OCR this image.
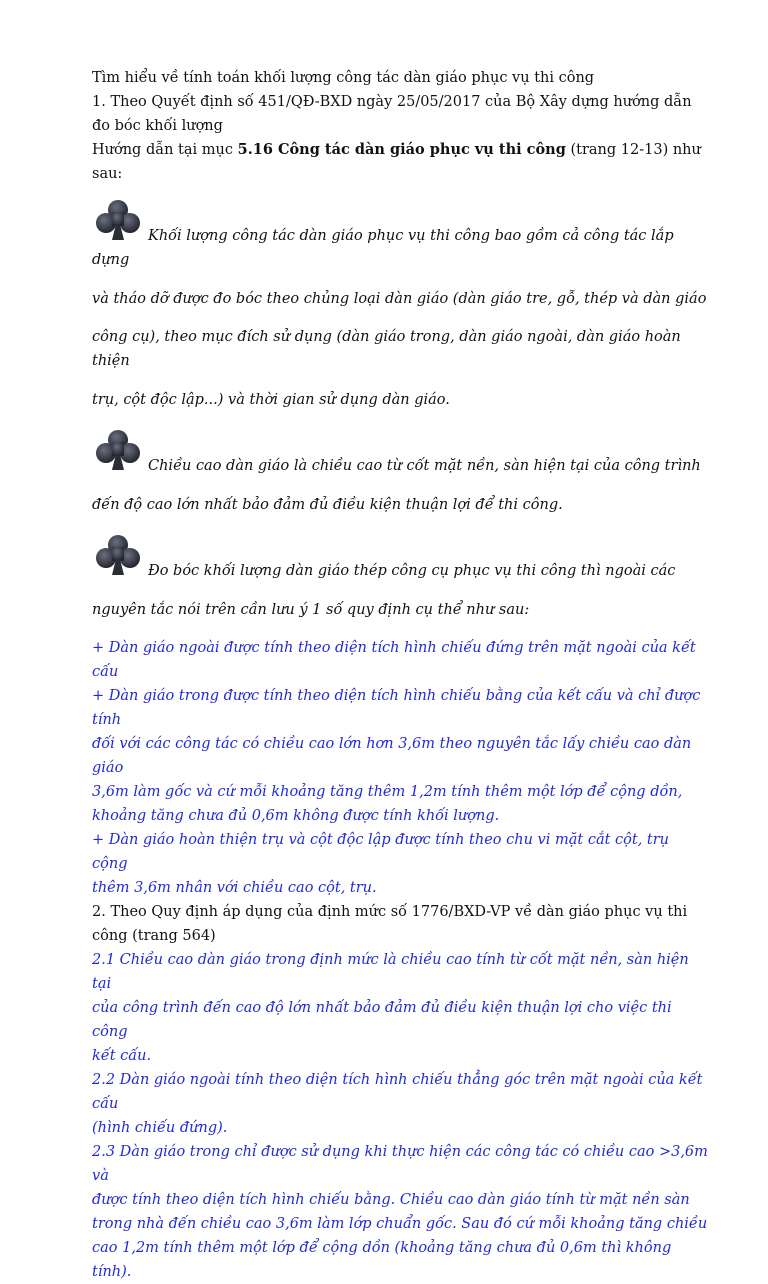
Tìm hiểu về tính toán khối lượng công tác dàn giáo phục vụ thi công

1. Theo Quyết định số 451/QĐ-BXD ngày 25/05/2017 của Bộ Xây dựng hướng dẫn

đo bóc khối lượng

Hướng dẫn tại mục 5.16 Công tác dàn giáo phục vụ thi công (trang 12-13) như

sau:

Khối lượng công tác dàn giáo phục vụ thi công bao gồm cả công tác lắp dựng

và tháo dỡ được đo bóc theo chủng loại dàn giáo (dàn giáo tre, gỗ, thép và dàn giáo

công cụ), theo mục đích sử dụng (dàn giáo trong, dàn giáo ngoài, dàn giáo hoàn thiện

trụ, cột độc lập...) và thời gian sử dụng dàn giáo.

Chiều cao dàn giáo là chiều cao từ cốt mặt nền, sàn hiện tại của công trình

đến độ cao lớn nhất bảo đảm đủ điều kiện thuận lợi để thi công.

Đo bóc khối lượng dàn giáo thép công cụ phục vụ thi công thì ngoài các

nguyên tắc nói trên cần lưu ý 1 số quy định cụ thể như sau:

+ Dàn giáo ngoài được tính theo diện tích hình chiếu đứng trên mặt ngoài của kết cấu

+ Dàn giáo trong được tính theo diện tích hình chiếu bằng của kết cấu và chỉ được tính

đối với các công tác có chiều cao lớn hơn 3,6m theo nguyên tắc lấy chiều cao dàn giáo

3,6m làm gốc và cứ mỗi khoảng tăng thêm 1,2m tính thêm một lớp để cộng dồn,

khoảng tăng chưa đủ 0,6m không được tính khối lượng.

+ Dàn giáo hoàn thiện trụ và cột độc lập được tính theo chu vi mặt cắt cột, trụ cộng

thêm 3,6m nhân với chiều cao cột, trụ.

2. Theo Quy định áp dụng của định mức số 1776/BXD-VP về dàn giáo phục vụ thi

công (trang 564)

2.1 Chiều cao dàn giáo trong định mức là chiều cao tính từ cốt mặt nền, sàn hiện tại

của công trình đến cao độ lớn nhất bảo đảm đủ điều kiện thuận lợi cho việc thi công

kết cấu.

2.2 Dàn giáo ngoài tính theo diện tích hình chiếu thẳng góc trên mặt ngoài của kết cấu

(hình chiếu đứng).

2.3 Dàn giáo trong chỉ được sử dụng khi thực hiện các công tác có chiều cao >3,6m và

được tính theo diện tích hình chiếu bằng. Chiều cao dàn giáo tính từ mặt nền sàn

trong nhà đến chiều cao 3,6m làm lớp chuẩn gốc. Sau đó cứ mỗi khoảng tăng chiều

cao 1,2m tính thêm một lớp để cộng dồn (khoảng tăng chưa đủ 0,6m thì không tính).
